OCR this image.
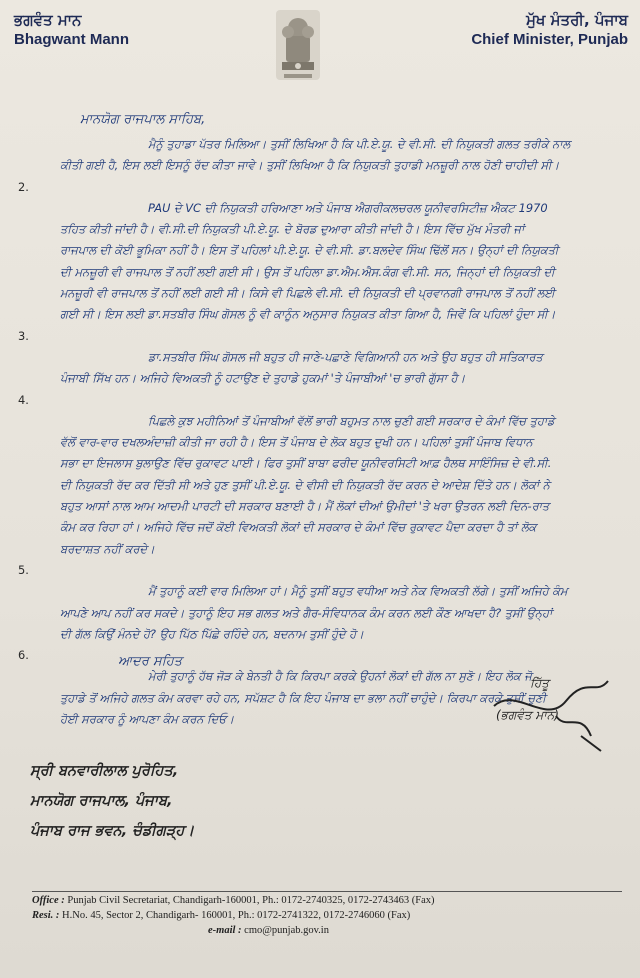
ਭਗਵੰਤ ਮਾਨ
Bhagwant Mann
ਮੁੱਖ ਮੰਤਰੀ, ਪੰਜਾਬ
Chief Minister, Punjab
ਮਾਨਯੋਗ ਰਾਜਪਾਲ ਸਾਹਿਬ,
ਮੈਨੂੰ ਤੁਹਾਡਾ ਪੱਤਰ ਮਿਲਿਆ। ਤੁਸੀਂ ਲਿਖਿਆ ਹੈ ਕਿ ਪੀ.ਏ.ਯੂ. ਦੇ ਵੀ.ਸੀ. ਦੀ ਨਿਯੁਕਤੀ ਗਲਤ ਤਰੀਕੇ ਨਾਲ
ਕੀਤੀ ਗਈ ਹੈ, ਇਸ ਲਈ ਇਸਨੂੰ ਰੱਦ ਕੀਤਾ ਜਾਵੇ। ਤੁਸੀਂ ਲਿਖਿਆ ਹੈ ਕਿ ਨਿਯੁਕਤੀ ਤੁਹਾਡੀ ਮਨਜ਼ੂਰੀ ਨਾਲ ਹੋਣੀ ਚਾਹੀਦੀ ਸੀ।
2.
PAU ਦੇ VC ਦੀ ਨਿਯੁਕਤੀ ਹਰਿਆਣਾ ਅਤੇ ਪੰਜਾਬ ਐਗਰੀਕਲਚਰਲ ਯੂਨੀਵਰਸਿਟੀਜ਼ ਐਕਟ 1970
ਤਹਿਤ ਕੀਤੀ ਜਾਂਦੀ ਹੈ। ਵੀ.ਸੀ.ਦੀ ਨਿਯੁਕਤੀ ਪੀ.ਏ.ਯੂ. ਦੇ ਬੋਰਡ ਦੁਆਰਾ ਕੀਤੀ ਜਾਂਦੀ ਹੈ। ਇਸ ਵਿੱਚ ਮੁੱਖ ਮੰਤਰੀ ਜਾਂ
ਰਾਜਪਾਲ ਦੀ ਕੋਈ ਭੂਮਿਕਾ ਨਹੀਂ ਹੈ। ਇਸ ਤੋਂ ਪਹਿਲਾਂ ਪੀ.ਏ.ਯੂ. ਦੇ ਵੀ.ਸੀ. ਡਾ.ਬਲਦੇਵ ਸਿੰਘ ਢਿੱਲੋਂ ਸਨ। ਉਨ੍ਹਾਂ ਦੀ ਨਿਯੁਕਤੀ
ਦੀ ਮਨਜ਼ੂਰੀ ਵੀ ਰਾਜਪਾਲ ਤੋਂ ਨਹੀਂ ਲਈ ਗਈ ਸੀ। ਉਸ ਤੋਂ ਪਹਿਲਾ ਡਾ.ਐਮ.ਐਸ.ਕੰਗ ਵੀ.ਸੀ. ਸਨ, ਜਿਨ੍ਹਾਂ ਦੀ ਨਿਯੁਕਤੀ ਦੀ
ਮਨਜ਼ੂਰੀ ਵੀ ਰਾਜਪਾਲ ਤੋਂ ਨਹੀਂ ਲਈ ਗਈ ਸੀ। ਕਿਸੇ ਵੀ ਪਿਛਲੇ ਵੀ.ਸੀ. ਦੀ ਨਿਯੁਕਤੀ ਦੀ ਪ੍ਰਵਾਨਗੀ ਰਾਜਪਾਲ ਤੋਂ ਨਹੀਂ ਲਈ
ਗਈ ਸੀ। ਇਸ ਲਈ ਡਾ.ਸਤਬੀਰ ਸਿੰਘ ਗੋਸਲ ਨੂੰ ਵੀ ਕਾਨੂੰਨ ਅਨੁਸਾਰ ਨਿਯੁਕਤ ਕੀਤਾ ਗਿਆ ਹੈ, ਜਿਵੇਂ ਕਿ ਪਹਿਲਾਂ ਹੁੰਦਾ ਸੀ।
3.
ਡਾ.ਸਤਬੀਰ ਸਿੰਘ ਗੋਸਲ ਜੀ ਬਹੁਤ ਹੀ ਜਾਣੇ-ਪਛਾਣੇ ਵਿਗਿਆਨੀ ਹਨ ਅਤੇ ਉਹ ਬਹੁਤ ਹੀ ਸਤਿਕਾਰਤ
ਪੰਜਾਬੀ ਸਿੱਖ ਹਨ। ਅਜਿਹੇ ਵਿਅਕਤੀ ਨੂੰ ਹਟਾਉਣ ਦੇ ਤੁਹਾਡੇ ਹੁਕਮਾਂ 'ਤੇ ਪੰਜਾਬੀਆਂ 'ਚ ਭਾਰੀ ਗੁੱਸਾ ਹੈ।
4.
ਪਿਛਲੇ ਕੁਝ ਮਹੀਨਿਆਂ ਤੋਂ ਪੰਜਾਬੀਆਂ ਵੱਲੋਂ ਭਾਰੀ ਬਹੁਮਤ ਨਾਲ ਚੁਣੀ ਗਈ ਸਰਕਾਰ ਦੇ ਕੰਮਾਂ ਵਿੱਚ ਤੁਹਾਡੇ
ਵੱਲੋਂ ਵਾਰ-ਵਾਰ ਦਖਲਅੰਦਾਜ਼ੀ ਕੀਤੀ ਜਾ ਰਹੀ ਹੈ। ਇਸ ਤੋਂ ਪੰਜਾਬ ਦੇ ਲੋਕ ਬਹੁਤ ਦੁਖੀ ਹਨ। ਪਹਿਲਾਂ ਤੁਸੀਂ ਪੰਜਾਬ ਵਿਧਾਨ
ਸਭਾ ਦਾ ਇਜਲਾਸ ਬੁਲਾਉਣ ਵਿੱਚ ਰੁਕਾਵਟ ਪਾਈ। ਫਿਰ ਤੁਸੀਂ ਬਾਬਾ ਫਰੀਦ ਯੂਨੀਵਰਸਿਟੀ ਆਫ਼ ਹੈਲਥ ਸਾਇੰਸਿਜ਼ ਦੇ ਵੀ.ਸੀ.
ਦੀ ਨਿਯੁਕਤੀ ਰੱਦ ਕਰ ਦਿੱਤੀ ਸੀ ਅਤੇ ਹੁਣ ਤੁਸੀਂ ਪੀ.ਏ.ਯੂ. ਦੇ ਵੀਸੀ ਦੀ ਨਿਯੁਕਤੀ ਰੱਦ ਕਰਨ ਦੇ ਆਦੇਸ਼ ਦਿੱਤੇ ਹਨ। ਲੋਕਾਂ ਨੇ
ਬਹੁਤ ਆਸਾਂ ਨਾਲ ਆਮ ਆਦਮੀ ਪਾਰਟੀ ਦੀ ਸਰਕਾਰ ਬਣਾਈ ਹੈ। ਮੈਂ ਲੋਕਾਂ ਦੀਆਂ ਉਮੀਦਾਂ 'ਤੇ ਖਰਾ ਉਤਰਨ ਲਈ ਦਿਨ-ਰਾਤ
ਕੰਮ ਕਰ ਰਿਹਾ ਹਾਂ। ਅਜਿਹੇ ਵਿੱਚ ਜਦੋਂ ਕੋਈ ਵਿਅਕਤੀ ਲੋਕਾਂ ਦੀ ਸਰਕਾਰ ਦੇ ਕੰਮਾਂ ਵਿੱਚ ਰੁਕਾਵਟ ਪੈਦਾ ਕਰਦਾ ਹੈ ਤਾਂ ਲੋਕ
ਬਰਦਾਸ਼ਤ ਨਹੀਂ ਕਰਦੇ।
5.
ਮੈਂ ਤੁਹਾਨੂੰ ਕਈ ਵਾਰ ਮਿਲਿਆ ਹਾਂ। ਮੈਨੂੰ ਤੁਸੀਂ ਬਹੁਤ ਵਧੀਆ ਅਤੇ ਨੇਕ ਵਿਅਕਤੀ ਲੱਗੇ। ਤੁਸੀਂ ਅਜਿਹੇ ਕੰਮ
ਆਪਣੇ ਆਪ ਨਹੀਂ ਕਰ ਸਕਦੇ। ਤੁਹਾਨੂੰ ਇਹ ਸਭ ਗਲਤ ਅਤੇ ਗੈਰ-ਸੰਵਿਧਾਨਕ ਕੰਮ ਕਰਨ ਲਈ ਕੌਣ ਆਖਦਾ ਹੈ? ਤੁਸੀਂ ਉਨ੍ਹਾਂ
ਦੀ ਗੱਲ ਕਿਉਂ ਮੰਨਦੇ ਹੋ? ਉਹ ਪਿੱਠ ਪਿੱਛੇ ਰਹਿੰਦੇ ਹਨ, ਬਦਨਾਮ ਤੁਸੀਂ ਹੁੰਦੇ ਹੋ।
6.
ਮੇਰੀ ਤੁਹਾਨੂੰ ਹੱਥ ਜੋੜ ਕੇ ਬੇਨਤੀ ਹੈ ਕਿ ਕਿਰਪਾ ਕਰਕੇ ਉਹਨਾਂ ਲੋਕਾਂ ਦੀ ਗੱਲ ਨਾ ਸੁਣੋ। ਇਹ ਲੋਕ ਜੋ
ਤੁਹਾਡੇ ਤੋਂ ਅਜਿਹੇ ਗਲਤ ਕੰਮ ਕਰਵਾ ਰਹੇ ਹਨ, ਸਪੱਸ਼ਟ ਹੈ ਕਿ ਇਹ ਪੰਜਾਬ ਦਾ ਭਲਾ ਨਹੀਂ ਚਾਹੁੰਦੇ। ਕਿਰਪਾ ਕਰਕੇ ਤੁਸੀਂ ਚੁਣੀ
ਹੋਈ ਸਰਕਾਰ ਨੂੰ ਆਪਣਾ ਕੰਮ ਕਰਨ ਦਿਓ।
ਆਦਰ ਸਹਿਤ
ਹਿੱਤੂ
(ਭਗਵੰਤ ਮਾਨ)
ਸ੍ਰੀ ਬਨਵਾਰੀਲਾਲ ਪੁਰੋਹਿਤ,
ਮਾਨਯੋਗ ਰਾਜਪਾਲ, ਪੰਜਾਬ,
ਪੰਜਾਬ ਰਾਜ ਭਵਨ, ਚੰਡੀਗੜ੍ਹ।
Office : Punjab Civil Secretariat, Chandigarh-160001, Ph.: 0172-2740325, 0172-2743463 (Fax)
Resi. : H.No. 45, Sector 2, Chandigarh- 160001, Ph.: 0172-2741322, 0172-2746060 (Fax)
e-mail : cmo@punjab.gov.in
